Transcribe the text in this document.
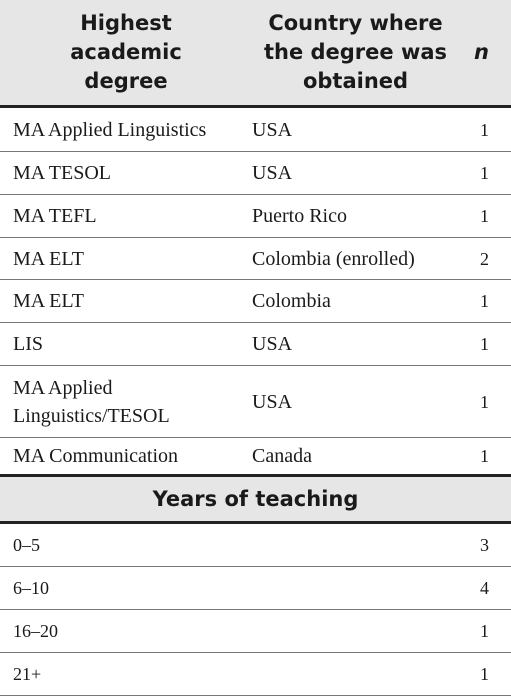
Highest academic degree	Country where the degree was obtained	n
MA Applied Linguistics	USA	1
MA TESOL	USA	1
MA TEFL	Puerto Rico	1
MA ELT	Colombia (enrolled)	2
MA ELT	Colombia	1
LIS	USA	1

MA Applied Linguistics/TESOL	USA	1
MA Communication	Canada	1
Years of teaching		
0–5		3
6–10		4
16–20		1
21+		1
